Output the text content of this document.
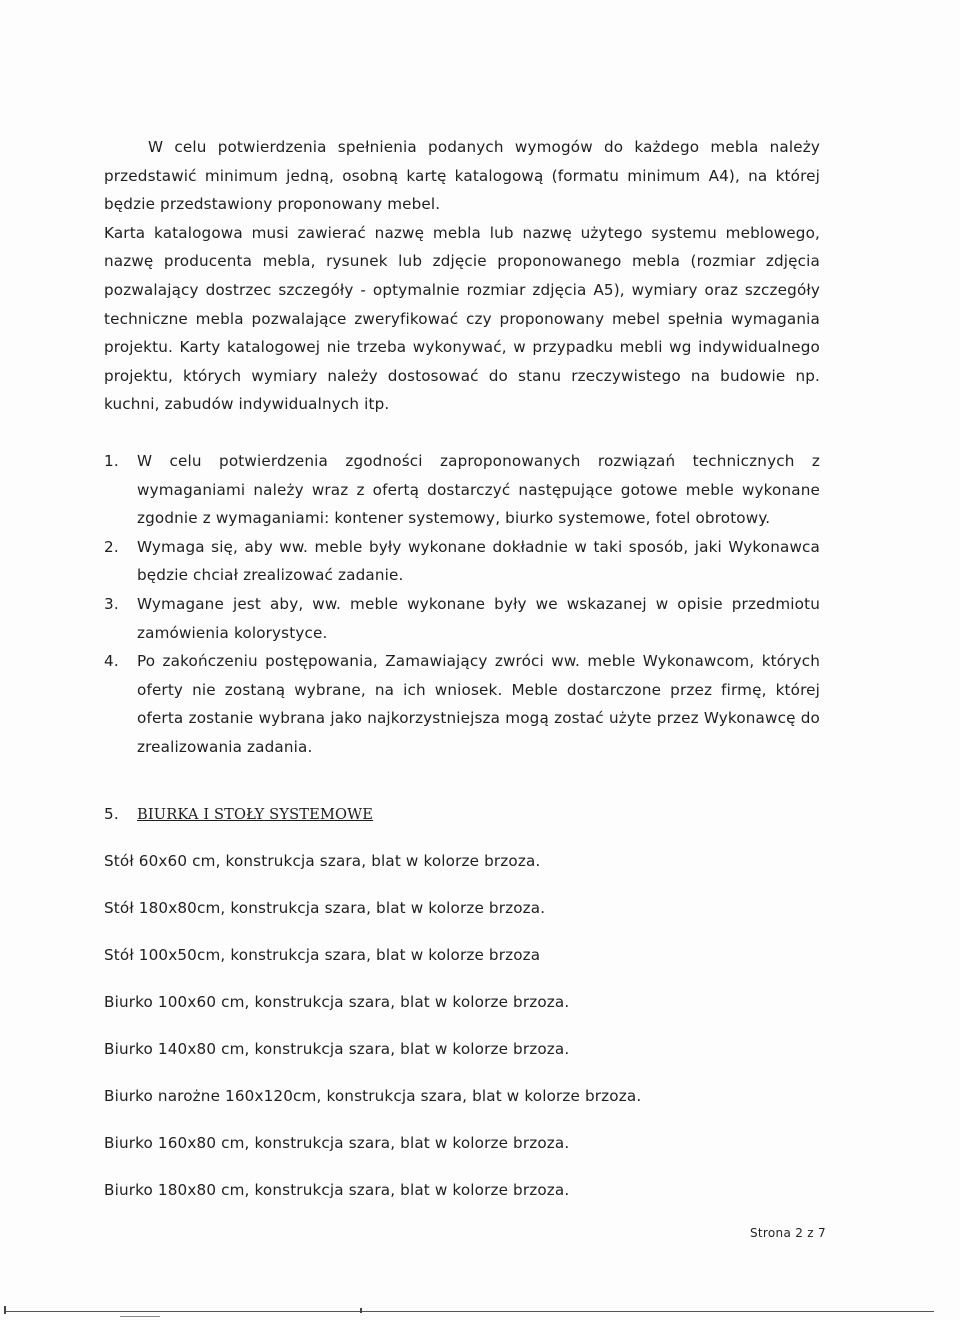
W celu potwierdzenia spełnienia podanych wymogów do każdego mebla należy przedstawić minimum jedną, osobną kartę katalogową (formatu minimum A4), na której będzie przedstawiony proponowany mebel.

Karta katalogowa musi zawierać nazwę mebla lub nazwę użytego systemu meblowego, nazwę producenta mebla, rysunek lub zdjęcie proponowanego mebla (rozmiar zdjęcia pozwalający dostrzec szczegóły - optymalnie rozmiar zdjęcia A5), wymiary oraz szczegóły techniczne mebla pozwalające zweryfikować czy proponowany mebel spełnia wymagania projektu. Karty katalogowej nie trzeba wykonywać, w przypadku mebli wg indywidualnego projektu, których wymiary należy dostosować do stanu rzeczywistego na budowie np. kuchni, zabudów indywidualnych itp.

1. W celu potwierdzenia zgodności zaproponowanych rozwiązań technicznych z wymaganiami należy wraz z ofertą dostarczyć następujące gotowe meble wykonane zgodnie z wymaganiami: kontener systemowy, biurko systemowe, fotel obrotowy.
2. Wymaga się, aby ww. meble były wykonane dokładnie w taki sposób, jaki Wykonawca będzie chciał zrealizować zadanie.
3. Wymagane jest aby, ww. meble wykonane były we wskazanej w opisie przedmiotu zamówienia kolorystyce.
4. Po zakończeniu postępowania, Zamawiający zwróci ww. meble Wykonawcom, których oferty nie zostaną wybrane, na ich wniosek. Meble dostarczone przez firmę, której oferta zostanie wybrana jako najkorzystniejsza mogą zostać użyte przez Wykonawcę do zrealizowania zadania.
5. BIURKA I STOŁY SYSTEMOWE
Stół 60x60 cm, konstrukcja szara, blat w kolorze brzoza.
Stół 180x80cm, konstrukcja szara, blat w kolorze brzoza.
Stół 100x50cm, konstrukcja szara, blat w kolorze brzoza
Biurko 100x60 cm, konstrukcja szara, blat w kolorze brzoza.
Biurko 140x80 cm, konstrukcja szara, blat w kolorze brzoza.
Biurko narożne 160x120cm, konstrukcja szara, blat w kolorze brzoza.
Biurko 160x80 cm, konstrukcja szara, blat w kolorze brzoza.
Biurko 180x80 cm, konstrukcja szara, blat w kolorze brzoza.
Strona 2 z 7
